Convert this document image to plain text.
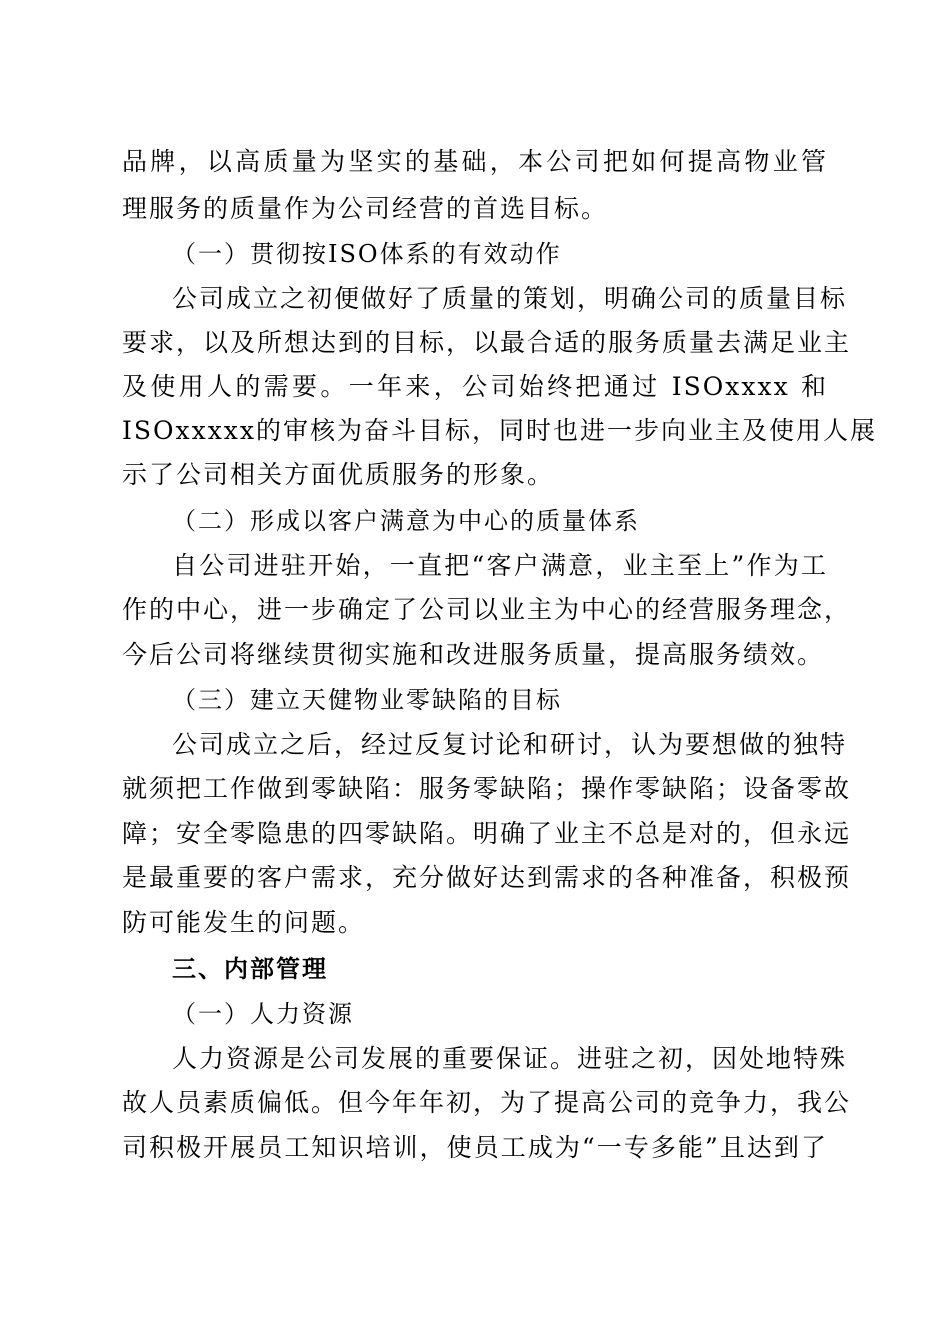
品牌，以高质量为坚实的基础，本公司把如何提高物业管
理服务的质量作为公司经营的首选目标。
（一）贯彻按ISO体系的有效动作
公司成立之初便做好了质量的策划，明确公司的质量目标
要求，以及所想达到的目标，以最合适的服务质量去满足业主
及使用人的需要。一年来，公司始终把通过 ISOxxxx 和
ISOxxxxx的审核为奋斗目标，同时也进一步向业主及使用人展
示了公司相关方面优质服务的形象。
（二）形成以客户满意为中心的质量体系
自公司进驻开始，一直把“客户满意，业主至上”作为工
作的中心，进一步确定了公司以业主为中心的经营服务理念，
今后公司将继续贯彻实施和改进服务质量，提高服务绩效。
（三）建立天健物业零缺陷的目标
公司成立之后，经过反复讨论和研讨，认为要想做的独特
就须把工作做到零缺陷：服务零缺陷；操作零缺陷；设备零故
障；安全零隐患的四零缺陷。明确了业主不总是对的，但永远
是最重要的客户需求，充分做好达到需求的各种准备，积极预
防可能发生的问题。
三、内部管理
（一）人力资源
人力资源是公司发展的重要保证。进驻之初，因处地特殊
故人员素质偏低。但今年年初，为了提高公司的竞争力，我公
司积极开展员工知识培训，使员工成为“一专多能”且达到了
